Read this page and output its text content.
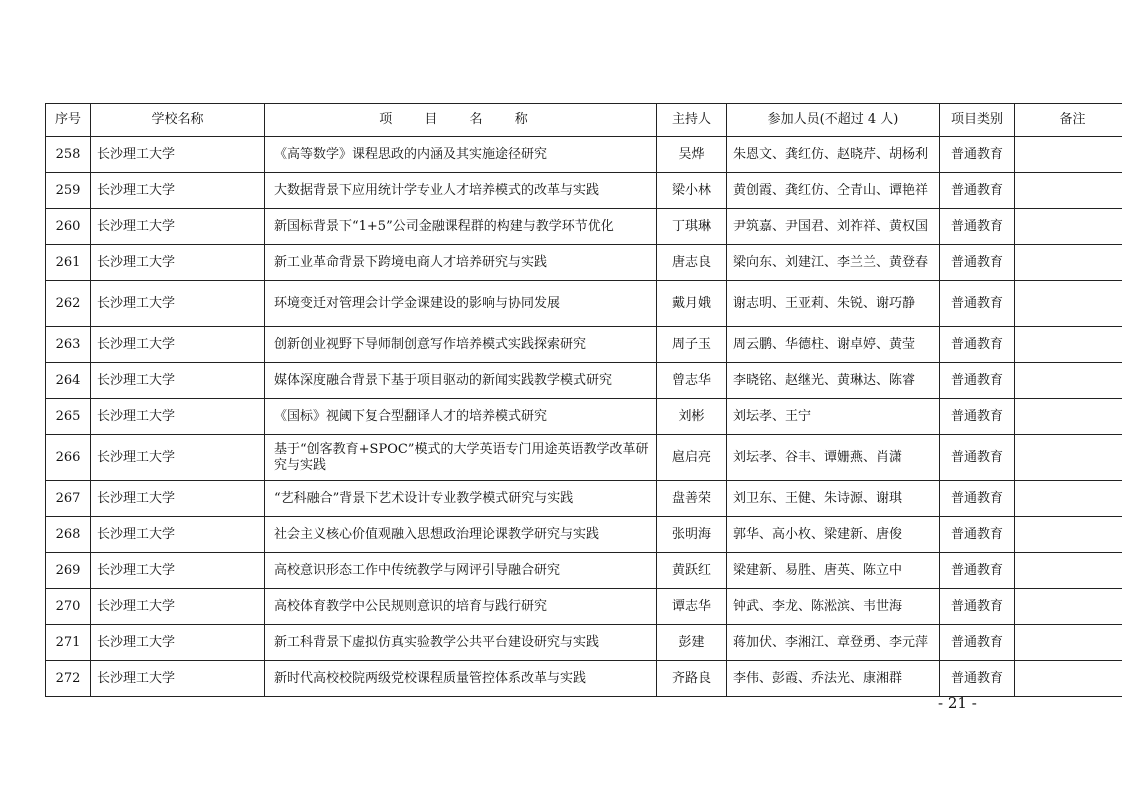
序号	学校名称	项 目 名 称	主持人	参加人员(不超过 4 人)	项目类别	备注
258	长沙理工大学	《高等数学》课程思政的内涵及其实施途径研究	吴烨	朱恩文、龚红仿、赵晓芹、胡杨利	普通教育	
259	长沙理工大学	大数据背景下应用统计学专业人才培养模式的改革与实践	梁小林	黄创霞、龚红仿、仝青山、谭艳祥	普通教育	
260	长沙理工大学	新国标背景下“1+5”公司金融课程群的构建与教学环节优化	丁琪琳	尹筑嘉、尹国君、刘祚祥、黄权国	普通教育	
261	长沙理工大学	新工业革命背景下跨境电商人才培养研究与实践	唐志良	梁向东、刘建江、李兰兰、黄登春	普通教育	
262	长沙理工大学	环境变迁对管理会计学金课建设的影响与协同发展	戴月娥	谢志明、王亚莉、朱锐、谢巧静	普通教育	
263	长沙理工大学	创新创业视野下导师制创意写作培养模式实践探索研究	周子玉	周云鹏、华德柱、谢卓婷、黄莹	普通教育	
264	长沙理工大学	媒体深度融合背景下基于项目驱动的新闻实践教学模式研究	曾志华	李晓铭、赵继光、黄琳达、陈睿	普通教育	
265	长沙理工大学	《国标》视阈下复合型翻译人才的培养模式研究	刘彬	刘坛孝、王宁	普通教育	
266	长沙理工大学	基于“创客教育+SPOC”模式的大学英语专门用途英语教学改革研究与实践	扈启亮	刘坛孝、谷丰、谭姗燕、肖潇	普通教育	
267	长沙理工大学	“艺科融合”背景下艺术设计专业教学模式研究与实践	盘善荣	刘卫东、王健、朱诗源、谢琪	普通教育	
268	长沙理工大学	社会主义核心价值观融入思想政治理论课教学研究与实践	张明海	郭华、高小枚、梁建新、唐俊	普通教育	
269	长沙理工大学	高校意识形态工作中传统教学与网评引导融合研究	黄跃红	梁建新、易胜、唐英、陈立中	普通教育	
270	长沙理工大学	高校体育教学中公民规则意识的培育与践行研究	谭志华	钟武、李龙、陈淞滨、韦世海	普通教育	
271	长沙理工大学	新工科背景下虚拟仿真实验教学公共平台建设研究与实践	彭建	蒋加伏、李湘江、章登勇、李元萍	普通教育	
272	长沙理工大学	新时代高校校院两级党校课程质量管控体系改革与实践	齐路良	李伟、彭霞、乔法光、康湘群	普通教育	
- 21 -
